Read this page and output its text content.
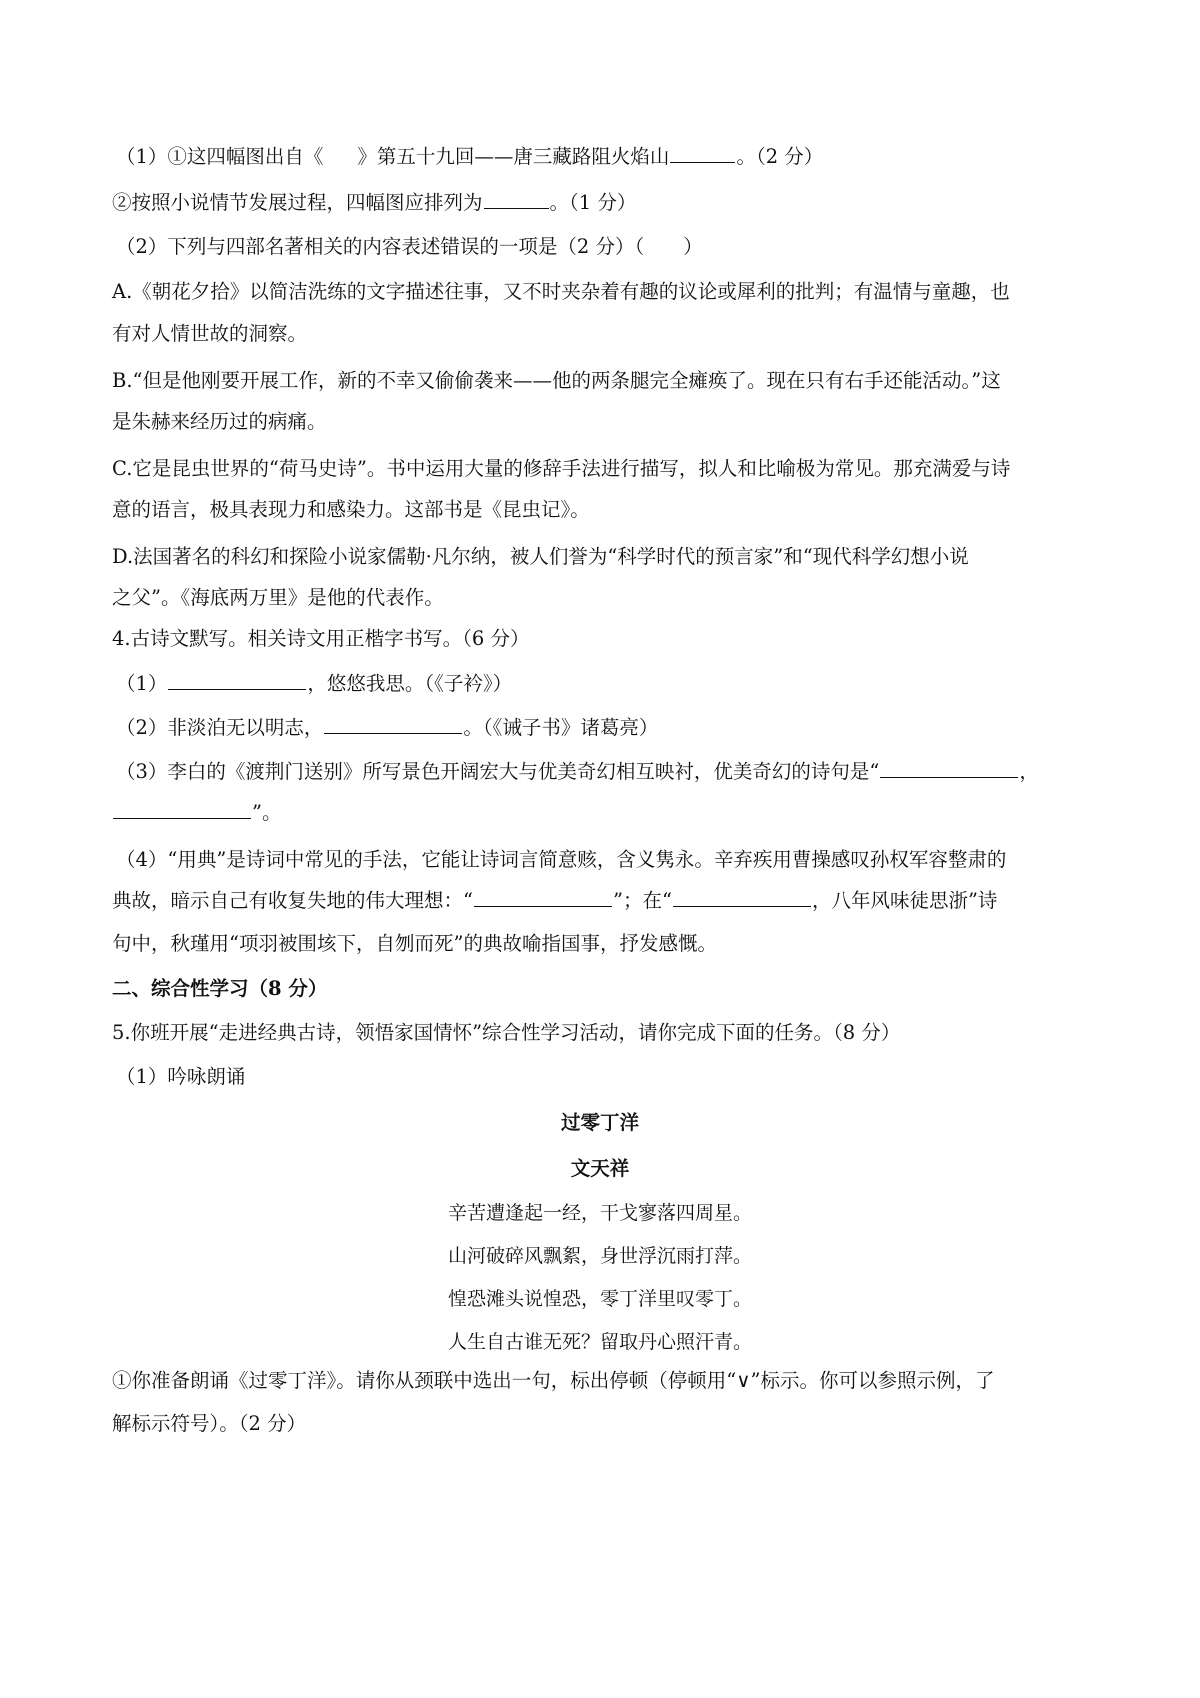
（1）①这四幅图出自《 》第五十九回——唐三藏路阻火焰山	。（2 分）
②按照小说情节发展过程，四幅图应排列为	。（1 分）
（2）下列与四部名著相关的内容表述错误的一项是（2 分）（　　）
A.《朝花夕拾》以简洁洗练的文字描述往事，又不时夹杂着有趣的议论或犀利的批判；有温情与童趣，也
有对人情世故的洞察。
B.“但是他刚要开展工作，新的不幸又偷偷袭来——他的两条腿完全瘫痪了。现在只有右手还能活动。”这
是朱赫来经历过的病痛。
C.它是昆虫世界的“荷马史诗”。书中运用大量的修辞手法进行描写，拟人和比喻极为常见。那充满爱与诗
意的语言，极具表现力和感染力。这部书是《昆虫记》。
D.法国著名的科幻和探险小说家儒勒·凡尔纳，被人们誉为“科学时代的预言家”和“现代科学幻想小说
之父”。《海底两万里》是他的代表作。
4.古诗文默写。相关诗文用正楷字书写。（6 分）
（1）	，悠悠我思。（《子衿》）
（2）非淡泊无以明志，	。（《诫子书》诸葛亮）
（3）李白的《渡荆门送别》所写景色开阔宏大与优美奇幻相互映衬，优美奇幻的诗句是“	，
”。
（4）“用典”是诗词中常见的手法，它能让诗词言简意赅，含义隽永。辛弃疾用曹操感叹孙权军容整肃的
典故，暗示自己有收复失地的伟大理想：“	”；在“	，八年风味徒思浙”诗
句中，秋瑾用“项羽被围垓下，自刎而死”的典故喻指国事，抒发感慨。
二、综合性学习（8 分）
5.你班开展“走进经典古诗，领悟家国情怀”综合性学习活动，请你完成下面的任务。（8 分）
（1）吟咏朗诵
过零丁洋
文天祥
辛苦遭逢起一经，干戈寥落四周星。
山河破碎风飘絮，身世浮沉雨打萍。
惶恐滩头说惶恐，零丁洋里叹零丁。
人生自古谁无死？留取丹心照汗青。
①你准备朗诵《过零丁洋》。请你从颈联中选出一句，标出停顿（停顿用“∨”标示。你可以参照示例，了
解标示符号）。（2 分）
